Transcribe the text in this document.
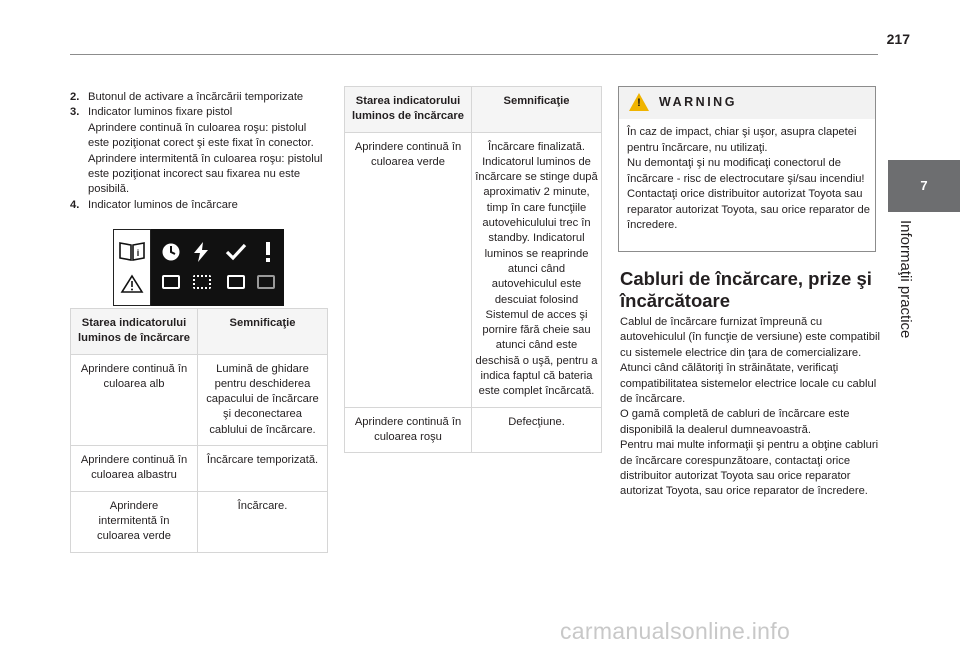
217
7
Informaţii practice
2. Butonul de activare a încărcării temporizate
3. Indicator luminos fixare pistol
Aprindere continuă în culoarea roşu: pistolul este poziţionat corect şi este fixat în conector.
Aprindere intermitentă în culoarea roşu: pistolul este poziţionat incorect sau fixarea nu este posibilă.
4. Indicator luminos de încărcare
i
Starea indicatorului luminos de încărcare	Semnificaţie
Aprindere continuă în culoarea alb	Lumină de ghidare pentru deschiderea capacului de încărcare şi deconectarea cablului de încărcare.
Aprindere continuă în culoarea albastru	Încărcare temporizată.
Aprindere intermitentă în culoarea verde	Încărcare.
Starea indicatorului luminos de încărcare	Semnificaţie
Aprindere continuă în culoarea verde	Încărcare finalizată. Indicatorul luminos de încărcare se stinge după aproximativ 2 minute, timp în care funcţiile autovehiculului trec în standby. Indicatorul luminos se reaprinde atunci când autovehiculul este descuiat folosind Sistemul de acces şi pornire fără cheie sau atunci când este deschisă o uşă, pentru a indica faptul că bateria este complet încărcată.
Aprindere continuă în culoarea roşu	Defecţiune.
! WARNING
În caz de impact, chiar şi uşor, asupra clapetei pentru încărcare, nu utilizaţi.
Nu demontaţi şi nu modificaţi conectorul de încărcare - risc de electrocutare şi/sau incendiu!
Contactaţi orice distribuitor autorizat Toyota sau reparator autorizat Toyota, sau orice reparator de încredere.
Cabluri de încărcare, prize şi încărcătoare
Cablul de încărcare furnizat împreună cu autovehiculul (în funcţie de versiune) este compatibil cu sistemele electrice din ţara de comercializare. Atunci când călătoriţi în străinătate, verificaţi compatibilitatea sistemelor electrice locale cu cablul de încărcare.
O gamă completă de cabluri de încărcare este disponibilă la dealerul dumneavoastră.
Pentru mai multe informaţii şi pentru a obţine cabluri de încărcare corespunzătoare, contactaţi orice distribuitor autorizat Toyota sau orice reparator autorizat Toyota, sau orice reparator de încredere.
carmanualsonline.info
